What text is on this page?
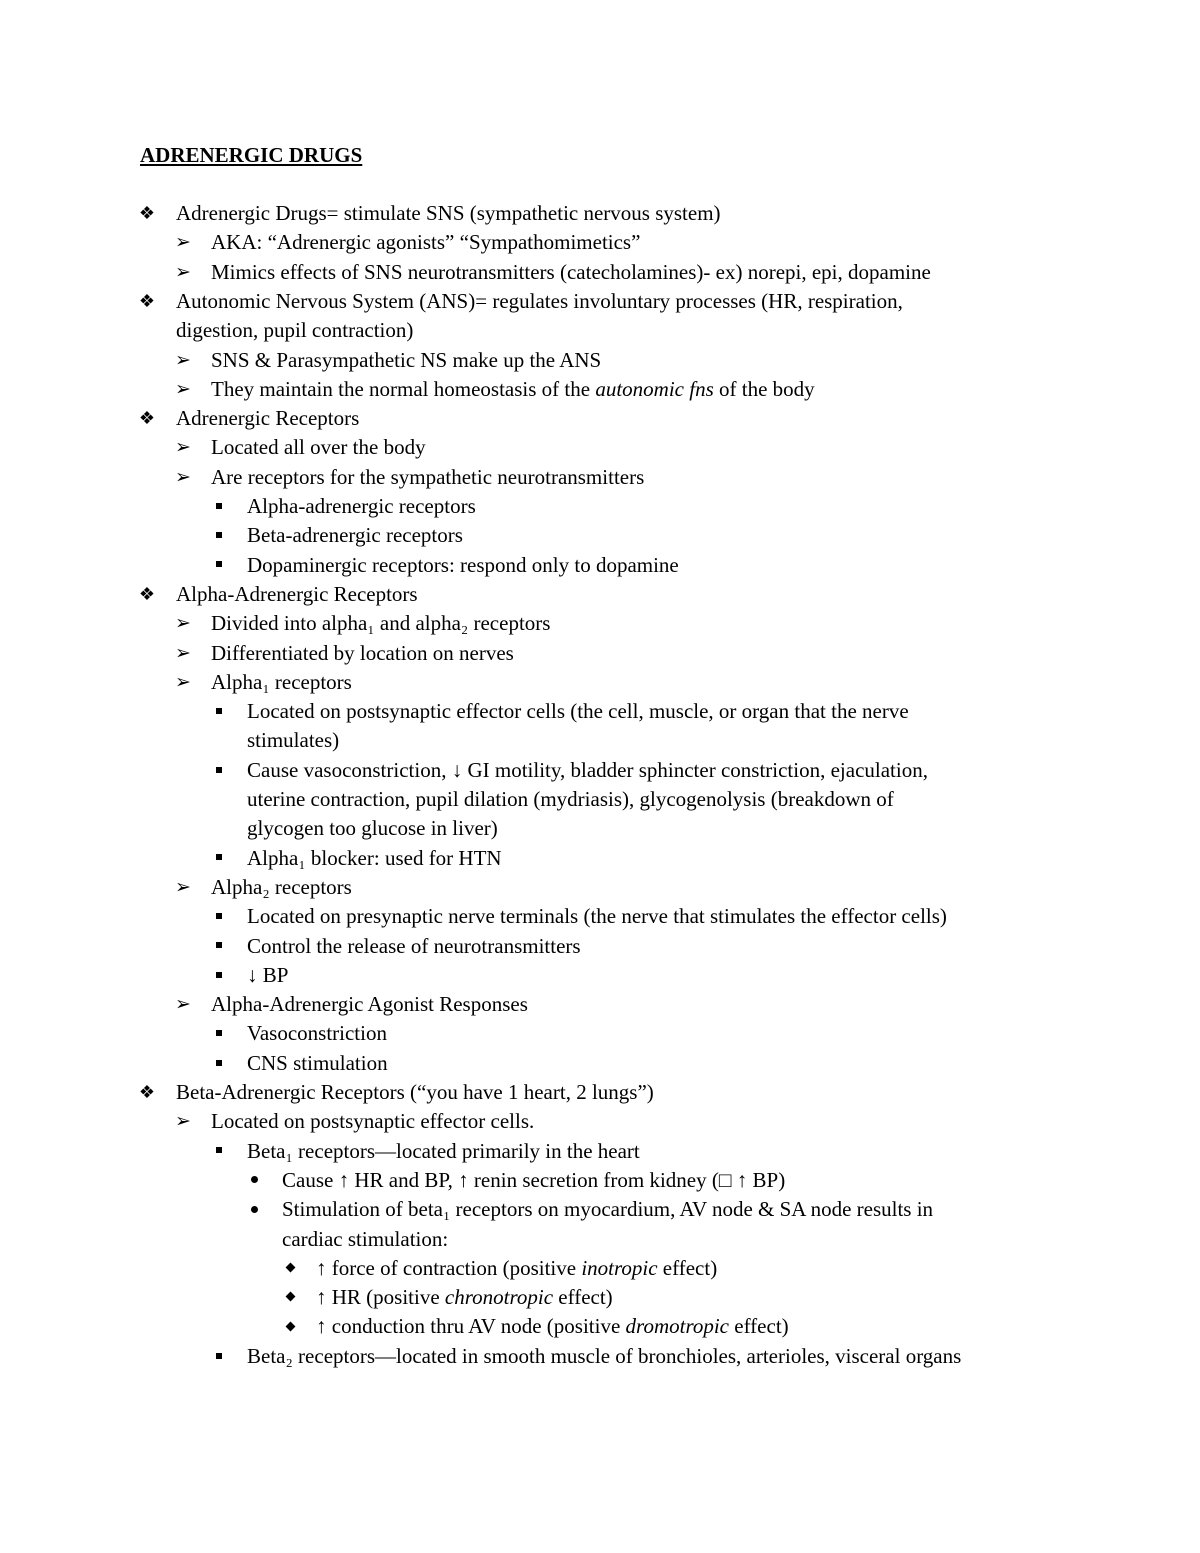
ADRENERGIC DRUGS
❖ Adrenergic Drugs= stimulate SNS (sympathetic nervous system)
➢ AKA: “Adrenergic agonists” “Sympathomimetics”
➢ Mimics effects of SNS neurotransmitters (catecholamines)- ex) norepi, epi, dopamine
❖ Autonomic Nervous System (ANS)= regulates involuntary processes (HR, respiration,
digestion, pupil contraction)
➢ SNS & Parasympathetic NS make up the ANS
➢ They maintain the normal homeostasis of the autonomic fns of the body
❖ Adrenergic Receptors
➢ Located all over the body
➢ Are receptors for the sympathetic neurotransmitters
Alpha-adrenergic receptors
Beta-adrenergic receptors
Dopaminergic receptors: respond only to dopamine
❖ Alpha-Adrenergic Receptors
➢ Divided into alpha₁ and alpha₂ receptors
➢ Differentiated by location on nerves
➢ Alpha₁ receptors
Located on postsynaptic effector cells (the cell, muscle, or organ that the nerve
stimulates)
Cause vasoconstriction, ↓ GI motility, bladder sphincter constriction, ejaculation,
uterine contraction, pupil dilation (mydriasis), glycogenolysis (breakdown of
glycogen too glucose in liver)
Alpha₁ blocker: used for HTN
➢ Alpha₂ receptors
Located on presynaptic nerve terminals (the nerve that stimulates the effector cells)
Control the release of neurotransmitters
↓ BP
➢ Alpha-Adrenergic Agonist Responses
Vasoconstriction
CNS stimulation
❖ Beta-Adrenergic Receptors (“you have 1 heart, 2 lungs”)
➢ Located on postsynaptic effector cells.
Beta₁ receptors—located primarily in the heart
Cause ↑ HR and BP, ↑ renin secretion from kidney (□ ↑ BP)
Stimulation of beta₁ receptors on myocardium, AV node & SA node results in
cardiac stimulation:
↑ force of contraction (positive inotropic effect)
↑ HR (positive chronotropic effect)
↑ conduction thru AV node (positive dromotropic effect)
Beta₂ receptors—located in smooth muscle of bronchioles, arterioles, visceral organs
